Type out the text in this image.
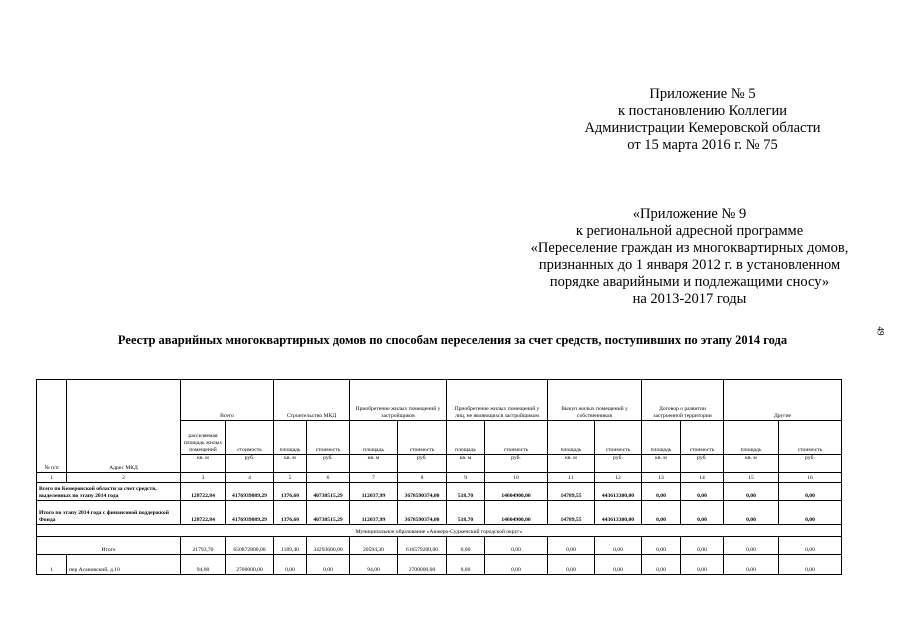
Приложение № 5
к постановлению Коллегии
Администрации Кемеровской области
от 15 марта 2016 г. № 75
«Приложение № 9
к региональной адресной программе
«Переселение граждан из многоквартирных домов,
признанных до 1 января 2012 г. в установленном
порядке аварийными и подлежащими сносу»
на 2013-2017 годы
49
Реестр аварийных многоквартирных домов по способам переселения за счет средств, поступивших по этапу 2014 года
№ п/п	Адрес МКД	Всего		Строительство МКД		Приобретение жилых помещений у застройщиков		Приобретение жилых помещений у лиц, не являющихся застройщиком		Выкуп жилых помещений у собственников		Договор о развитии застроенной территории		Другие	
		расселяемая площадь жилых помещений	стоимость	площадь	стоимость	площадь	стоимость	площадь	стоимость	площадь	стоимость	площадь	стоимость	площадь	стоимость
		кв. м	руб.	кв. м	руб.	кв. м	руб.	кв. м	руб.	кв. м	руб.	кв. м	руб.	кв. м	руб.
1	2	3	4	5	6	7	8	9	10	11	12	13	14	15	16
Всего по Кемеровской области за счет средств, выделенных по этапу 2014 года		128722,84	4176939089,29	1376,60	40730515,29	112037,99	3678590374,00	518,70	14004900,00	14789,55	443613300,00	0,00	0,00	0,00	0,00
Итого по этапу 2014 года с финансовой поддержкой Фонда		128722,84	4176939089,29	1376,60	40730515,29	112037,99	3678590374,00	518,70	14004900,00	14789,55	443613300,00	0,00	0,00	0,00	0,00
Муниципальное образование «Анжеро-Судженский городской округ»															
Итого		21793,70	650872800,00	1189,40	34293600,00	20594,30	616579200,00	0,00	0,00	0,00	0,00	0,00	0,00	0,00	0,00
1	пер Асановский, д.10	94,00	2700000,00	0,00	0,00	94,00	2700000,00	0,00	0,00	0,00	0,00	0,00	0,00	0,00	0,00
